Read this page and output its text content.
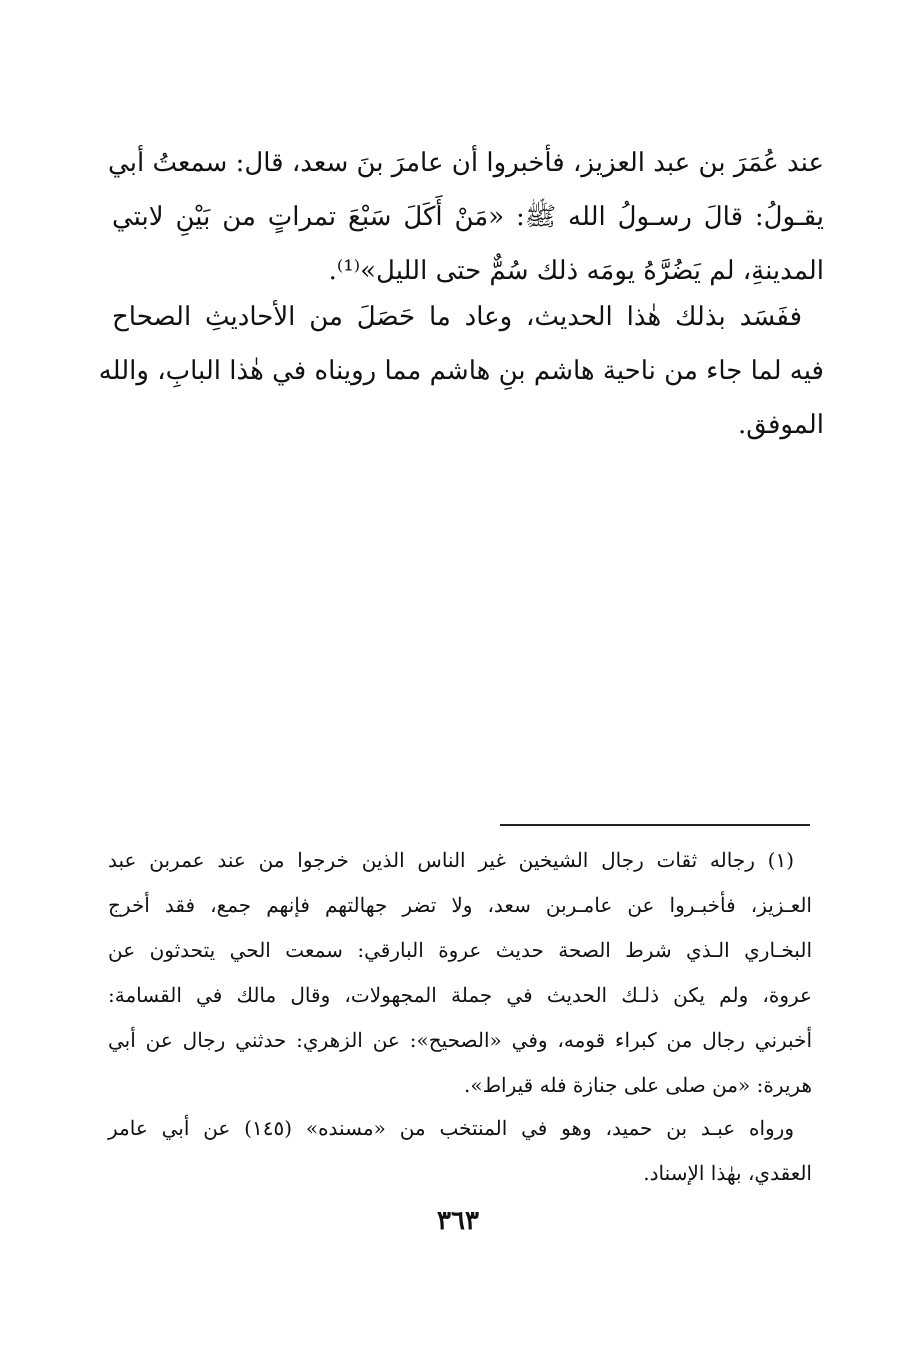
عند عُمَرَ بن عبد العزيز، فأخبروا أن عامرَ بنَ سعد، قال: سمعتُ أبي
يقـولُ: قالَ رسـولُ الله ﷺ: «مَنْ أَكَلَ سَبْعَ تمراتٍ من بَيْنِ لابتي
المدينةِ، لم يَضُرَّهُ يومَه ذلك سُمٌّ حتى الليل»⁽¹⁾.
ففَسَد بذلك هٰذا الحديث، وعاد ما حَصَلَ من الأحاديثِ الصحاح
فيه لما جاء من ناحية هاشم بنِ هاشم مما رويناه في هٰذا البابِ، والله
الموفق.
(١) رجاله ثقات رجال الشيخين غير الناس الذين خرجوا من عند عمربن عبد
العـزيز، فأخبـروا عن عامـربن سعد، ولا تضر جهالتهم فإنهم جمع، فقد أخرج
البخـاري الـذي شرط الصحة حديث عروة البارقي: سمعت الحي يتحدثون عن
عروة، ولم يكن ذلـك الحديث في جملة المجهولات، وقال مالك في القسامة:
أخبرني رجال من كبراء قومه، وفي «الصحيح»: عن الزهري: حدثني رجال عن أبي
هريرة: «من صلى على جنازة فله قيراط».
ورواه عبـد بن حميد، وهو في المنتخب من «مسنده» (١٤٥) عن أبي عامر
العقدي، بهٰذا الإسناد.
٣٦٣
